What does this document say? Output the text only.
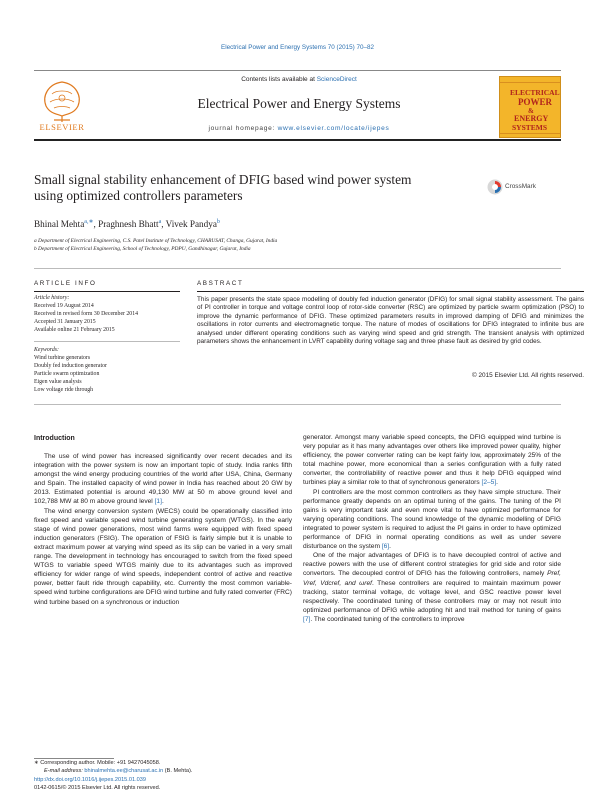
Electrical Power and Energy Systems 70 (2015) 70–82
ELSEVIER
Contents lists available at ScienceDirect
Electrical Power and Energy Systems
journal homepage: www.elsevier.com/locate/ijepes
ELECTRICAL
POWER
&
ENERGY
SYSTEMS
Small signal stability enhancement of DFIG based wind power system
using optimized controllers parameters
CrossMark
Bhinal Mehta$^{a,∗}$, Praghnesh Bhatt$^a$, Vivek Pandya$^b$
a Department of Electrical Engineering, C.S. Patel Institute of Technology, CHARUSAT, Changa, Gujarat, India
b Department of Electrical Engineering, School of Technology, PDPU, Gandhinagar, Gujarat, India
ARTICLE INFO
Article history:
Received 19 August 2014
Received in revised form 30 December 2014
Accepted 31 January 2015
Available online 21 February 2015
Keywords:
Wind turbine generators
Doubly fed induction generator
Particle swarm optimization
Eigen value analysis
Low voltage ride through
ABSTRACT
This paper presents the state space modelling of doubly fed induction generator (DFIG) for small signal stability assessment. The gains of PI controller in torque and voltage control loop of rotor-side converter (RSC) are optimized by particle swarm optimization (PSO) to improve the dynamic performance of DFIG. These optimized parameters results in improved damping of DFIG and minimizes the oscillations in rotor currents and electromagnetic torque. The nature of modes of oscillations for DFIG integrated to infinite bus are analysed under different operating conditions such as varying wind speed and grid strength. The transient analysis with optimized parameters shows the enhancement in LVRT capability during voltage sag and three phase fault as desired by grid codes.
© 2015 Elsevier Ltd. All rights reserved.
Introduction

The use of wind power has increased significantly over recent decades and its integration with the power system is now an important topic of study. India ranks fifth amongst the wind energy producing countries of the world after USA, China, Germany and Spain. The installed capacity of wind power in India has reached about 20 GW by 2013. Estimated potential is around 49,130 MW at 50 m above ground level and 102,788 MW at 80 m above ground level [1].

The wind energy conversion system (WECS) could be operationally classified into fixed speed and variable speed wind turbine generating system (WTGS). In the early stage of wind power generations, most wind farms were equipped with fixed speed induction generators (FSIG). The operation of FSIG is fairly simple but it is unable to extract maximum power at varying wind speed as its slip can be varied in a very small range. The development in technology has encouraged to switch from the fixed speed WTGS to variable speed WTGS mainly due to its advantages such as improved efficiency for wider range of wind speeds, independent control of active and reactive power, better fault ride through capability, etc. Currently the most common variable-speed wind turbine configurations are DFIG wind turbine and fully rated converter (FRC) wind turbine based on a synchronous or induction

generator. Amongst many variable speed concepts, the DFIG equipped wind turbine is very popular as it has many advantages over others like improved power quality, higher efficiency, the power converter rating can be kept fairly low, approximately 25% of the total machine power, more economical than a series configuration with a fully rated converter, the controllability of reactive power and thus it help DFIG equipped wind turbines play a similar role to that of synchronous generators [2–5].

PI controllers are the most common controllers as they have simple structure. Their performance greatly depends on an optimal tuning of the gains. The tuning of the PI gains is very important task and even more vital to have optimized performance for varying operating conditions. The sound knowledge of the dynamic modelling of DFIG integrated to power system is required to adjust the PI gains in order to have optimized performance of DFIG in normal operating conditions as well as under severe disturbance on the system [6].

One of the major advantages of DFIG is to have decoupled control of active and reactive powers with the use of different control strategies for grid side and rotor side convertors. The decoupled control of DFIG has the following controllers, namely Pref, Vref, Vdcref, and ωref. These controllers are required to maintain maximum power tracking, stator terminal voltage, dc voltage level, and GSC reactive power level respectively. The coordinated tuning of these controllers may or may not result into optimized performance of DFIG while adopting hit and trail method for tuning of gains [7]. The coordinated tuning of the controllers to improve

∗ Corresponding author. Mobile: +91 9427045058.
E-mail address: bhinalmehta.ee@charusat.ac.in (B. Mehta).
http://dx.doi.org/10.1016/j.ijepes.2015.01.039
0142-0615/© 2015 Elsevier Ltd. All rights reserved.
